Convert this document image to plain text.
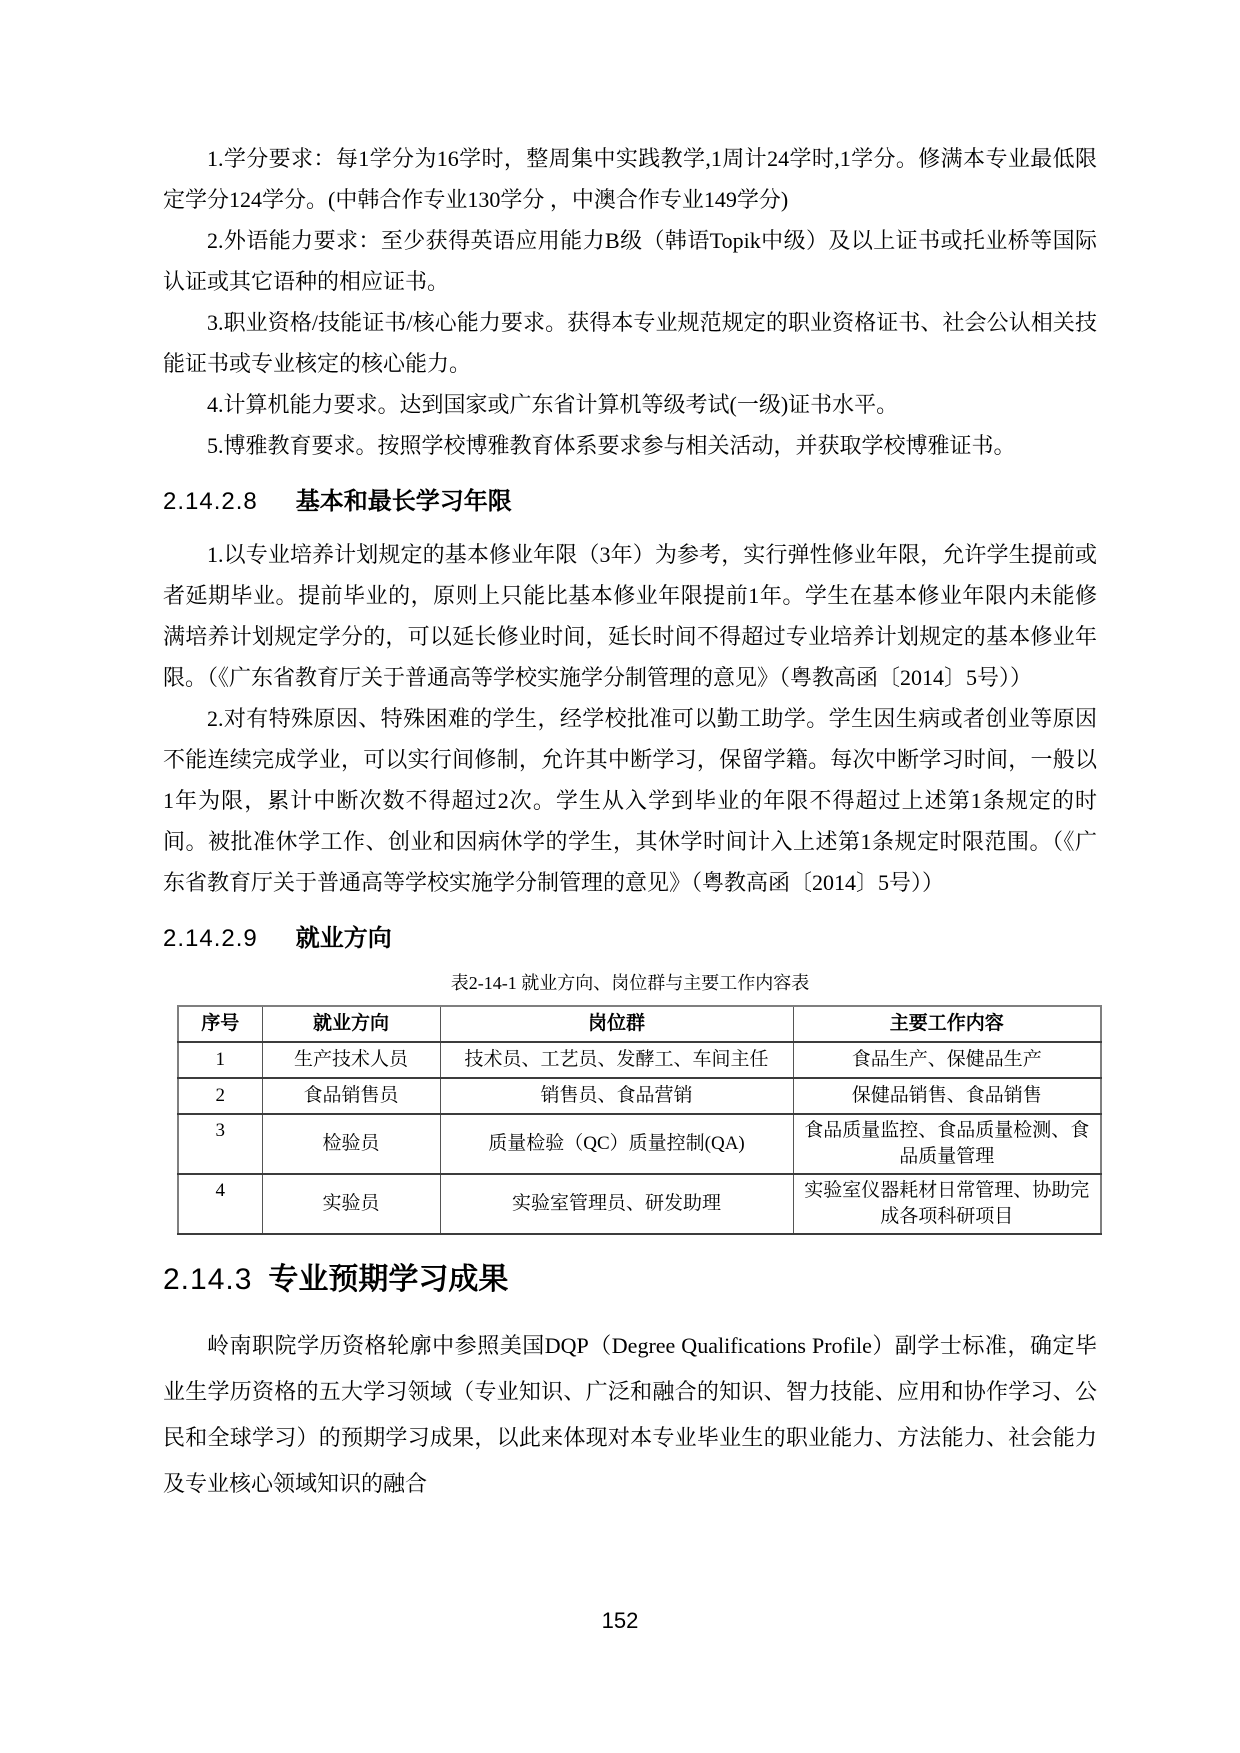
1.学分要求：每1学分为16学时，整周集中实践教学,1周计24学时,1学分。修满本专业最低限定学分124学分。(中韩合作专业130学分 ，中澳合作专业149学分)

2.外语能力要求：至少获得英语应用能力B级（韩语Topik中级）及以上证书或托业桥等国际认证或其它语种的相应证书。

3.职业资格/技能证书/核心能力要求。获得本专业规范规定的职业资格证书、社会公认相关技能证书或专业核定的核心能力。

4.计算机能力要求。达到国家或广东省计算机等级考试(一级)证书水平。

5.博雅教育要求。按照学校博雅教育体系要求参与相关活动，并获取学校博雅证书。

2.14.2.8 基本和最长学习年限

1.以专业培养计划规定的基本修业年限（3年）为参考，实行弹性修业年限，允许学生提前或者延期毕业。提前毕业的，原则上只能比基本修业年限提前1年。学生在基本修业年限内未能修满培养计划规定学分的，可以延长修业时间，延长时间不得超过专业培养计划规定的基本修业年限。（《广东省教育厅关于普通高等学校实施学分制管理的意见》（粤教高函〔2014〕5号））

2.对有特殊原因、特殊困难的学生，经学校批准可以勤工助学。学生因生病或者创业等原因不能连续完成学业，可以实行间修制，允许其中断学习，保留学籍。每次中断学习时间，一般以1年为限，累计中断次数不得超过2次。学生从入学到毕业的年限不得超过上述第1条规定的时间。被批准休学工作、创业和因病休学的学生，其休学时间计入上述第1条规定时限范围。（《广东省教育厅关于普通高等学校实施学分制管理的意见》（粤教高函〔2014〕5号））

2.14.2.9 就业方向
表2-14-1 就业方向、岗位群与主要工作内容表
序号	就业方向	岗位群	主要工作内容
1	生产技术人员	技术员、工艺员、发酵工、车间主任	食品生产、保健品生产
2	食品销售员	销售员、食品营销	保健品销售、食品销售
3	检验员	质量检验（QC）质量控制(QA)	食品质量监控、食品质量检测、食品质量管理
4	实验员	实验室管理员、研发助理	实验室仪器耗材日常管理、协助完成各项科研项目
2.14.3 专业预期学习成果

岭南职院学历资格轮廓中参照美国DQP（Degree Qualifications Profile）副学士标准，确定毕业生学历资格的五大学习领域（专业知识、广泛和融合的知识、智力技能、应用和协作学习、公民和全球学习）的预期学习成果，以此来体现对本专业毕业生的职业能力、方法能力、社会能力及专业核心领域知识的融合

152
